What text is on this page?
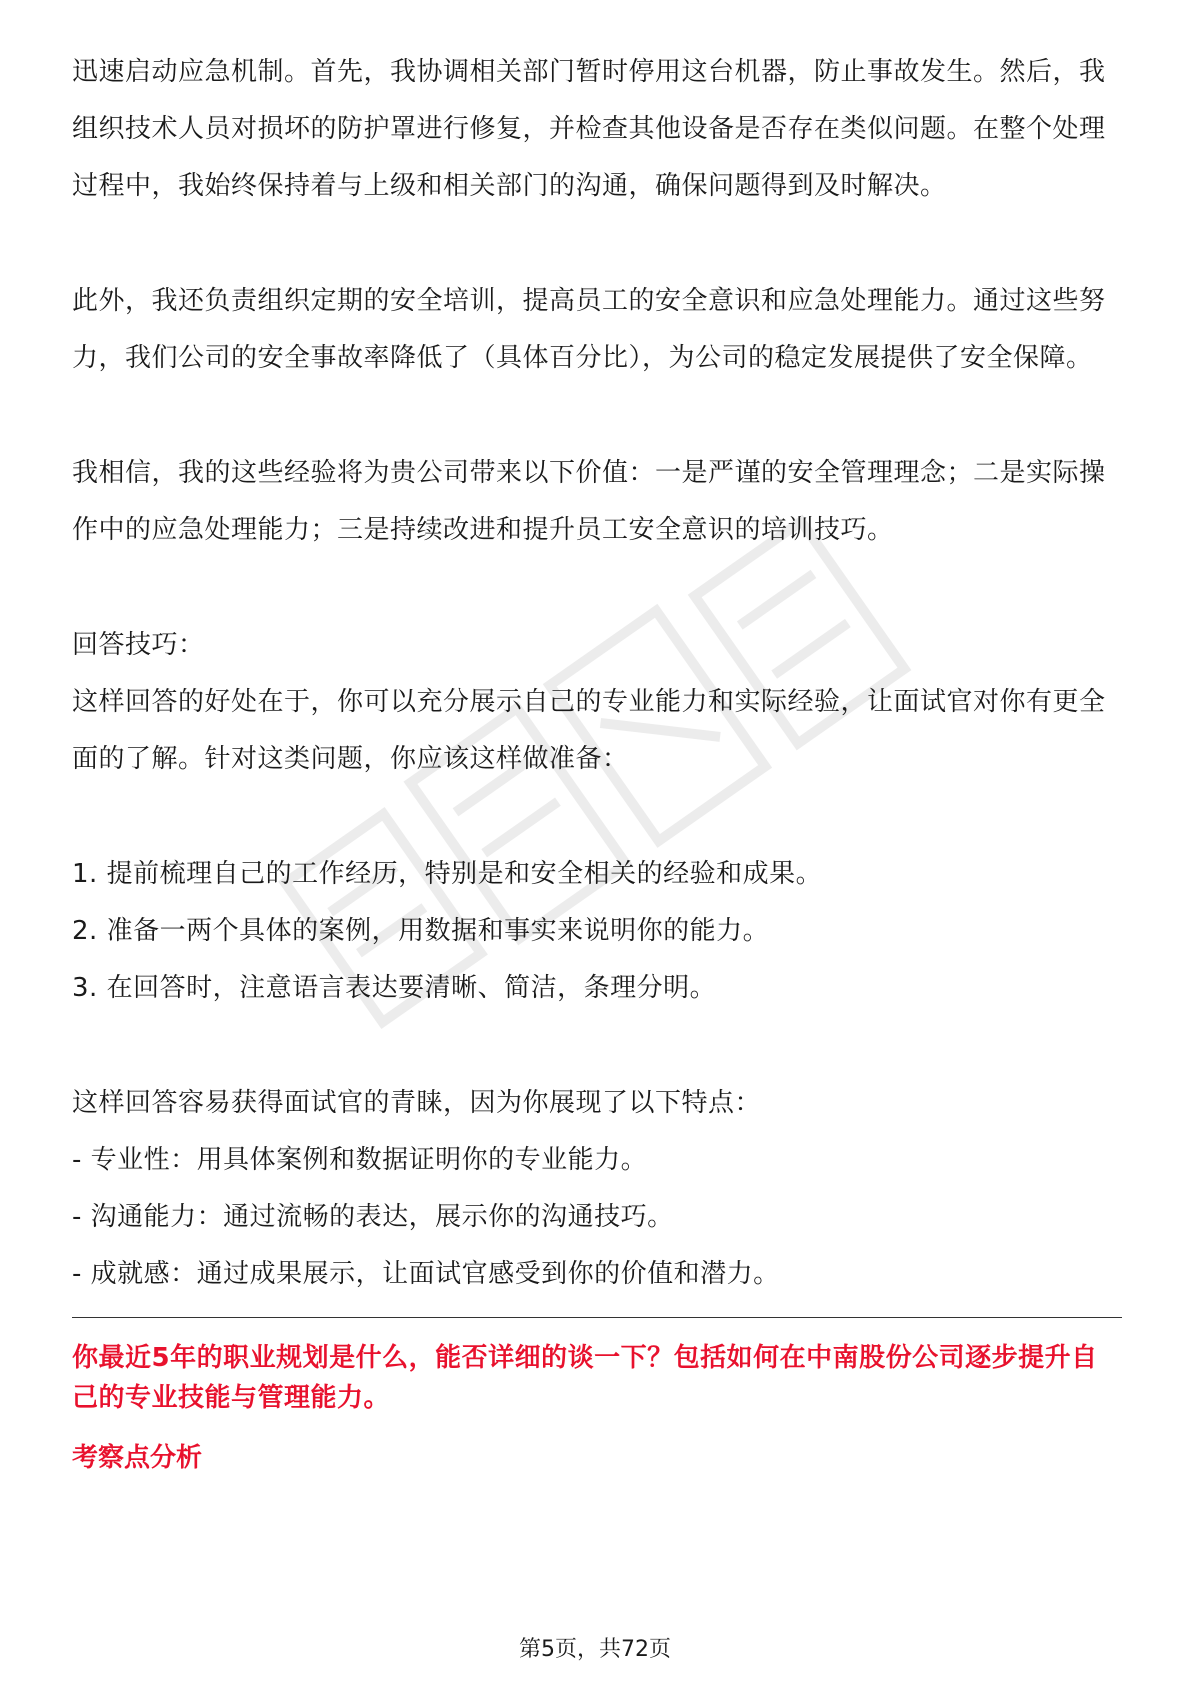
迅速启动应急机制。首先，我协调相关部门暂时停用这台机器，防止事故发生。然后，我组织技术人员对损坏的防护罩进行修复，并检查其他设备是否存在类似问题。在整个处理过程中，我始终保持着与上级和相关部门的沟通，确保问题得到及时解决。

此外，我还负责组织定期的安全培训，提高员工的安全意识和应急处理能力。通过这些努力，我们公司的安全事故率降低了（具体百分比），为公司的稳定发展提供了安全保障。

我相信，我的这些经验将为贵公司带来以下价值：一是严谨的安全管理理念；二是实际操作中的应急处理能力；三是持续改进和提升员工安全意识的培训技巧。

回答技巧：

这样回答的好处在于，你可以充分展示自己的专业能力和实际经验，让面试官对你有更全面的了解。针对这类问题，你应该这样做准备：

1. 提前梳理自己的工作经历，特别是和安全相关的经验和成果。

2. 准备一两个具体的案例，用数据和事实来说明你的能力。

3. 在回答时，注意语言表达要清晰、简洁，条理分明。

这样回答容易获得面试官的青睐，因为你展现了以下特点：

- 专业性：用具体案例和数据证明你的专业能力。

- 沟通能力：通过流畅的表达，展示你的沟通技巧。

- 成就感：通过成果展示，让面试官感受到你的价值和潜力。

你最近5年的职业规划是什么，能否详细的谈一下？包括如何在中南股份公司逐步提升自己的专业技能与管理能力。

考察点分析

第5页，共72页
